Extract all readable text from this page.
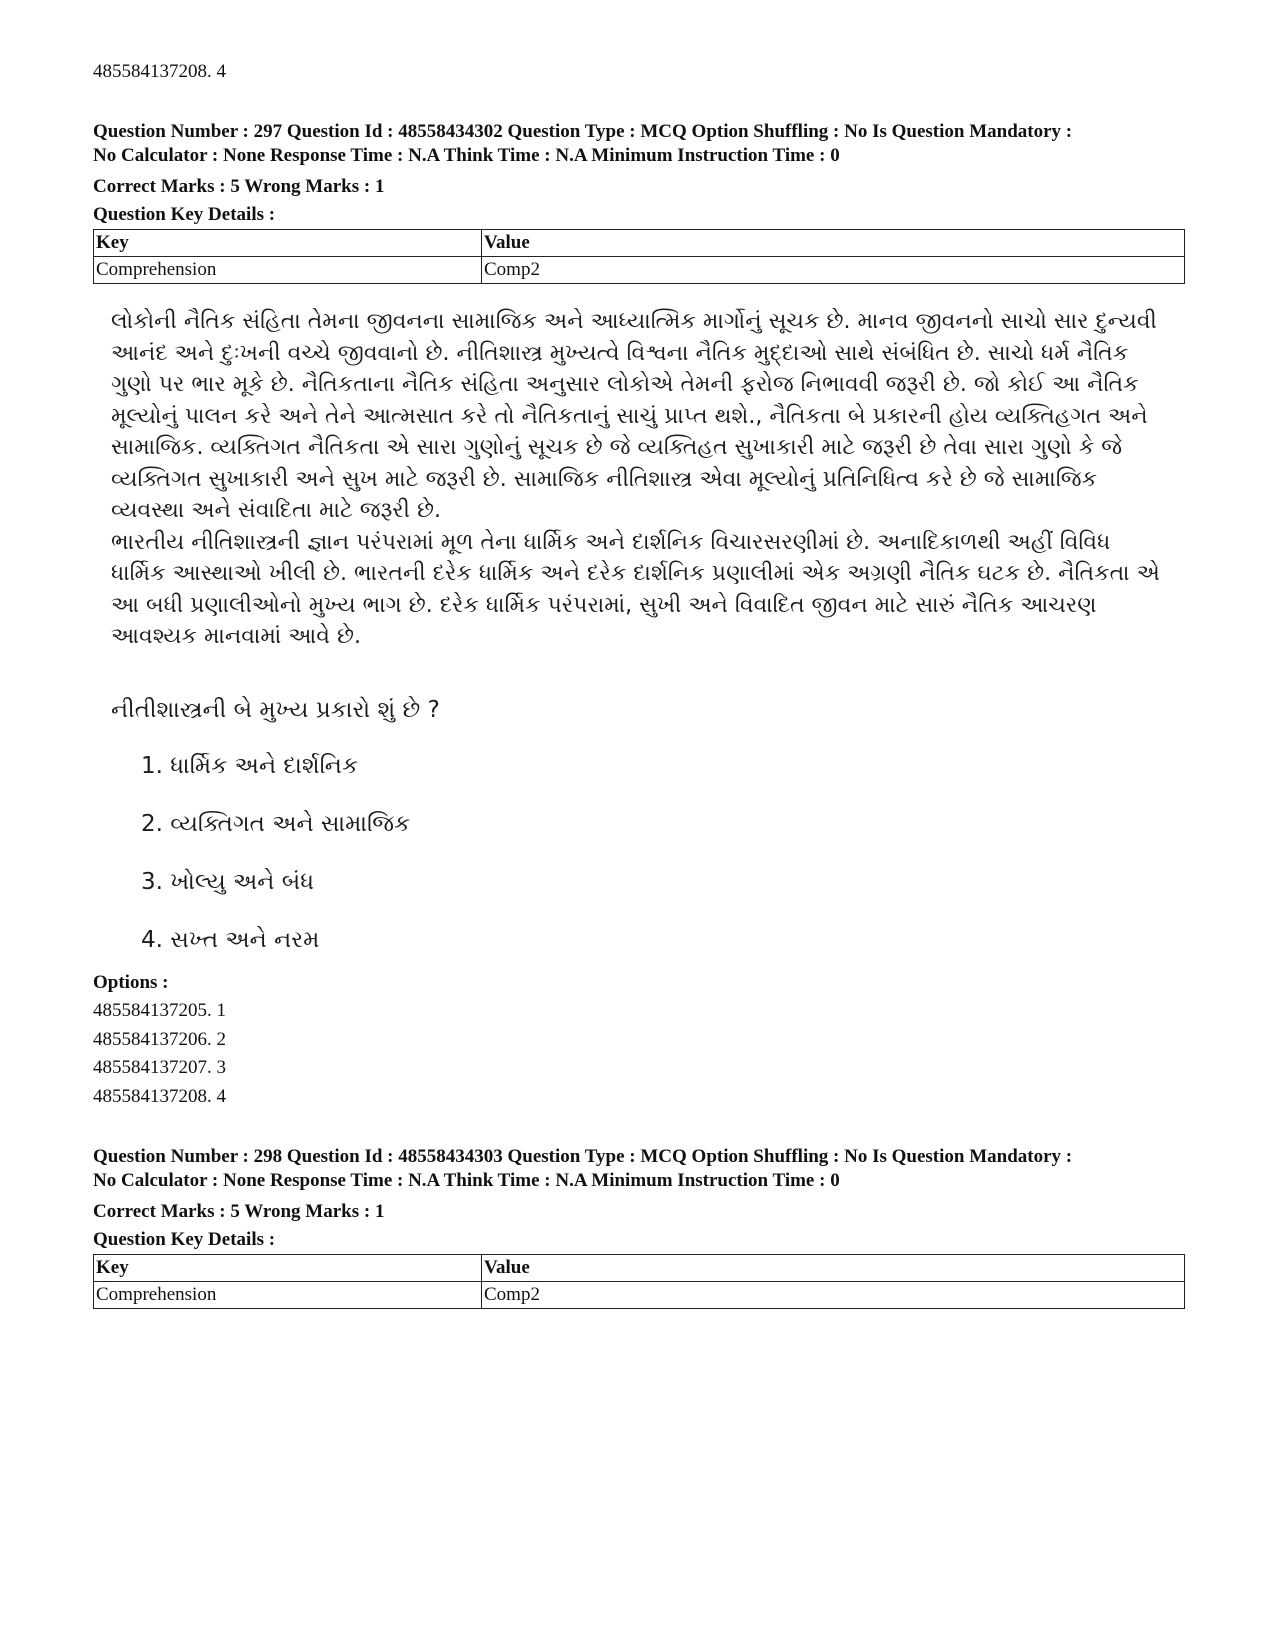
485584137208. 4

Question Number : 297 Question Id : 48558434302 Question Type : MCQ Option Shuffling : No Is Question Mandatory :

No Calculator : None Response Time : N.A Think Time : N.A Minimum Instruction Time : 0

Correct Marks : 5 Wrong Marks : 1

Question Key Details :

Key	Value
Comprehension	Comp2

લોકોની નૈતિક સંહિતા તેમના જીવનના સામાજિક અને આધ્યાત્મિક માર્ગોનું સૂચક છે. માનવ જીવનનો સાચો સાર દુન્યવી આનંદ અને દુઃખની વચ્ચે જીવવાનો છે. નીતિશાસ્ત્ર મુખ્યત્વે વિશ્વના નૈતિક મુદ્દાઓ સાથે સંબંધિત છે. સાચો ધર્મ નૈતિક ગુણો પર ભાર મૂકે છે. નૈતિકતાના નૈતિક સંહિતા અનુસાર લોકોએ તેમની ફરોજ નિભાવવી જરૂરી છે. જો કોઈ આ નૈતિક મૂલ્યોનું પાલન કરે અને તેને આત્મસાત કરે તો નૈતિકતાનું સાચું પ્રાપ્ત થશે., નૈતિકતા બે પ્રકારની હોય વ્યક્તિહગત અને સામાજિક. વ્યક્તિગત નૈતિકતા એ સારા ગુણોનું સૂચક છે જે વ્યક્તિહત સુખાકારી માટે જરૂરી છે તેવા સારા ગુણો કે જે વ્યક્તિગત સુખાકારી અને સુખ માટે જરૂરી છે. સામાજિક નીતિશાસ્ત્ર એવા મૂલ્યોનું પ્રતિનિધિત્વ કરે છે જે સામાજિક વ્યવસ્થા અને સંવાદિતા માટે જરૂરી છે.

ભારતીય નીતિશાસ્ત્રની જ્ઞાન પરંપરામાં મૂળ તેના ધાર્મિક અને દાર્શનિક વિચારસરણીમાં છે. અનાદિકાળથી અહીં વિવિધ ધાર્મિક આસ્થાઓ ખીલી છે. ભારતની દરેક ધાર્મિક અને દરેક દાર્શનિક પ્રણાલીમાં એક અગ્રણી નૈતિક ઘટક છે. નૈતિકતા એ આ બધી પ્રણાલીઓનો મુખ્ય ભાગ છે. દરેક ધાર્મિક પરંપરામાં, સુખી અને વિવાદિત જીવન માટે સારું નૈતિક આચરણ આવશ્યક માનવામાં આવે છે.

નીતીશાસ્ત્રની બે મુખ્ય પ્રકારો શું છે ?

1. ધાર્મિક અને દાર્શનિક

2. વ્યક્તિગત અને સામાજિક

3. ખોલ્યુ અને બંધ

4. સખ્ત અને નરમ

Options :

485584137205. 1

485584137206. 2

485584137207. 3

485584137208. 4

Question Number : 298 Question Id : 48558434303 Question Type : MCQ Option Shuffling : No Is Question Mandatory :

No Calculator : None Response Time : N.A Think Time : N.A Minimum Instruction Time : 0

Correct Marks : 5 Wrong Marks : 1

Question Key Details :

Key	Value
Comprehension	Comp2
